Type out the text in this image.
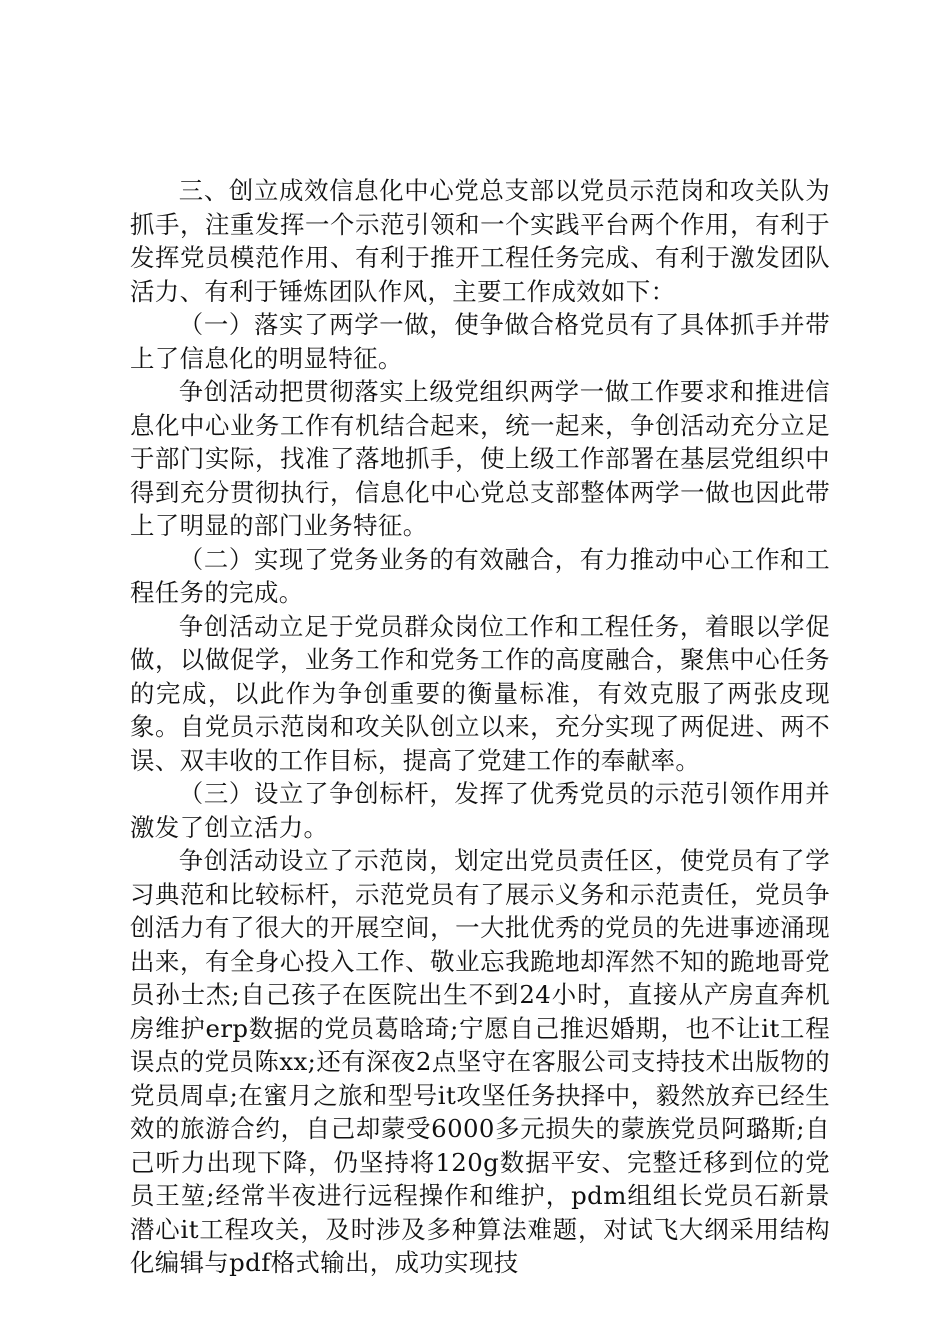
三、创立成效信息化中心党总支部以党员示范岗和攻关队为抓手，注重发挥一个示范引领和一个实践平台两个作用，有利于发挥党员模范作用、有利于推开工程任务完成、有利于激发团队活力、有利于锤炼团队作风，主要工作成效如下：

（一）落实了两学一做，使争做合格党员有了具体抓手并带上了信息化的明显特征。

争创活动把贯彻落实上级党组织两学一做工作要求和推进信息化中心业务工作有机结合起来，统一起来，争创活动充分立足于部门实际，找准了落地抓手，使上级工作部署在基层党组织中得到充分贯彻执行，信息化中心党总支部整体两学一做也因此带上了明显的部门业务特征。

（二）实现了党务业务的有效融合，有力推动中心工作和工程任务的完成。

争创活动立足于党员群众岗位工作和工程任务，着眼以学促做，以做促学，业务工作和党务工作的高度融合，聚焦中心任务的完成，以此作为争创重要的衡量标准，有效克服了两张皮现象。自党员示范岗和攻关队创立以来，充分实现了两促进、两不误、双丰收的工作目标，提高了党建工作的奉献率。

（三）设立了争创标杆，发挥了优秀党员的示范引领作用并激发了创立活力。

争创活动设立了示范岗，划定出党员责任区，使党员有了学习典范和比较标杆，示范党员有了展示义务和示范责任，党员争创活力有了很大的开展空间，一大批优秀的党员的先进事迹涌现出来，有全身心投入工作、敬业忘我跪地却浑然不知的跪地哥党员孙士杰;自己孩子在医院出生不到24小时，直接从产房直奔机房维护erp数据的党员葛晗琦;宁愿自己推迟婚期，也不让it工程误点的党员陈xx;还有深夜2点坚守在客服公司支持技术出版物的党员周卓;在蜜月之旅和型号it攻坚任务抉择中，毅然放弃已经生效的旅游合约，自己却蒙受6000多元损失的蒙族党员阿璐斯;自己听力出现下降，仍坚持将120g数据平安、完整迁移到位的党员王堃;经常半夜进行远程操作和维护，pdm组组长党员石新景潜心it工程攻关，及时涉及多种算法难题，对试飞大纲采用结构化编辑与pdf格式输出，成功实现技
